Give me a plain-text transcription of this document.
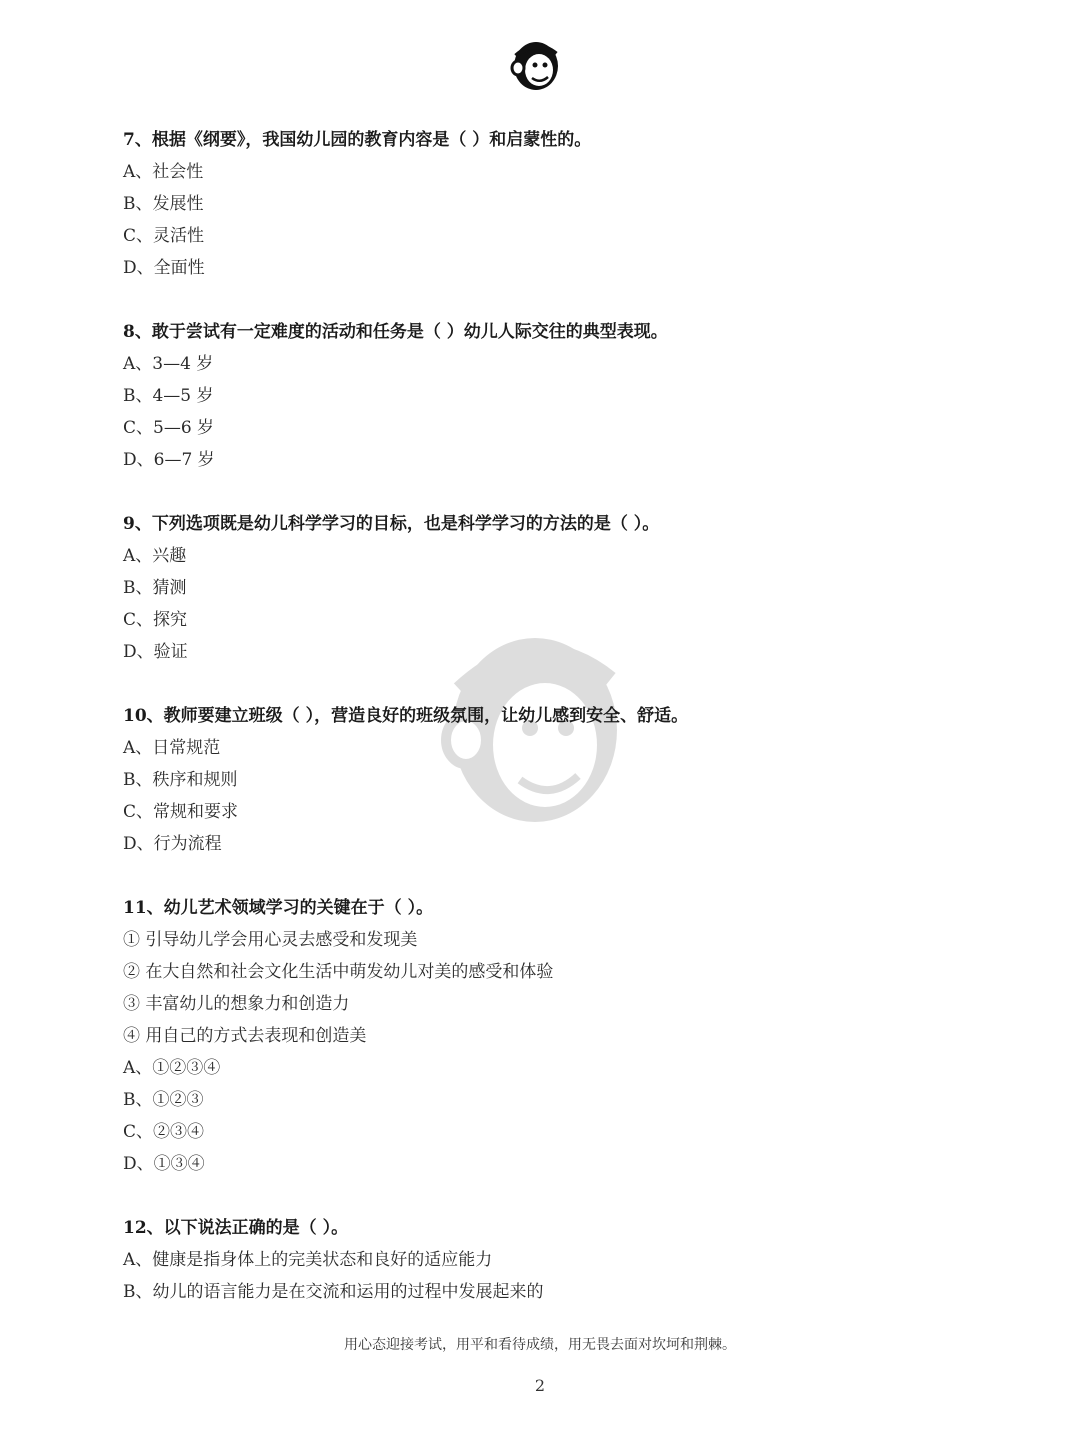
7、根据《纲要》，我国幼儿园的教育内容是（ ）和启蒙性的。
A、社会性
B、发展性
C、灵活性
D、全面性
8、敢于尝试有一定难度的活动和任务是（ ）幼儿人际交往的典型表现。
A、3—4 岁
B、4—5 岁
C、5—6 岁
D、6—7 岁
9、下列选项既是幼儿科学学习的目标，也是科学学习的方法的是（ ）。
A、兴趣
B、猜测
C、探究
D、验证
10、教师要建立班级（ ），营造良好的班级氛围，让幼儿感到安全、舒适。
A、日常规范
B、秩序和规则
C、常规和要求
D、行为流程
11、幼儿艺术领域学习的关键在于（ ）。
① 引导幼儿学会用心灵去感受和发现美
② 在大自然和社会文化生活中萌发幼儿对美的感受和体验
③ 丰富幼儿的想象力和创造力
④ 用自己的方式去表现和创造美
A、①②③④
B、①②③
C、②③④
D、①③④
12、以下说法正确的是（ ）。
A、健康是指身体上的完美状态和良好的适应能力
B、幼儿的语言能力是在交流和运用的过程中发展起来的
用心态迎接考试，用平和看待成绩，用无畏去面对坎坷和荆棘。
2
